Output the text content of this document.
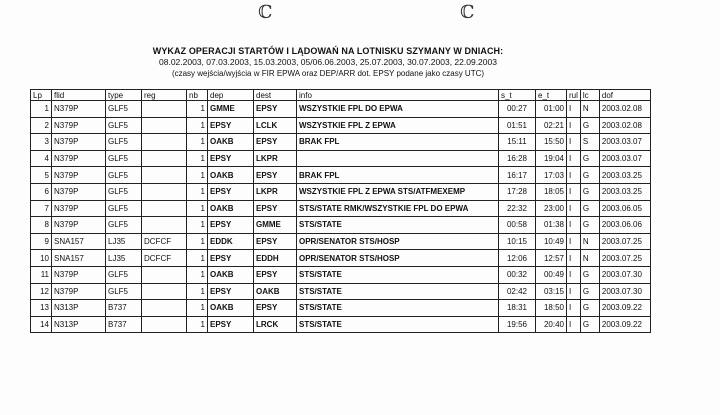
ℂ	ℂ
WYKAZ OPERACJI STARTÓW I LĄDOWAŃ NA LOTNISKU SZYMANY W DNIACH:
08.02.2003, 07.03.2003, 15.03.2003, 05/06.06.2003, 25.07.2003, 30.07.2003, 22.09.2003
(czasy wejścia/wyjścia w FIR EPWA oraz DEP/ARR dot. EPSY podane jako czasy UTC)
Lp	flid	type	reg	nb	dep	dest	info	s_t	e_t	rul	lc	dof
1	N379P	GLF5		1	GMME	EPSY	WSZYSTKIE FPL DO EPWA	00:27	01:00	I	N	2003.02.08
2	N379P	GLF5		1	EPSY	LCLK	WSZYSTKIE FPL Z EPWA	01:51	02:21	I	G	2003.02.08
3	N379P	GLF5		1	OAKB	EPSY	BRAK FPL	15:11	15:50	I	S	2003.03.07
4	N379P	GLF5		1	EPSY	LKPR		16:28	19:04	I	G	2003.03.07
5	N379P	GLF5		1	OAKB	EPSY	BRAK FPL	16:17	17:03	I	G	2003.03.25
6	N379P	GLF5		1	EPSY	LKPR	WSZYSTKIE FPL Z EPWA STS/ATFMEXEMP	17:28	18:05	I	G	2003.03.25
7	N379P	GLF5		1	OAKB	EPSY	STS/STATE RMK/WSZYSTKIE FPL DO EPWA	22:32	23:00	I	G	2003.06.05
8	N379P	GLF5		1	EPSY	GMME	STS/STATE	00:58	01:38	I	G	2003.06.06
9	SNA157	LJ35	DCFCF	1	EDDK	EPSY	OPR/SENATOR STS/HOSP	10:15	10:49	I	N	2003.07.25
10	SNA157	LJ35	DCFCF	1	EPSY	EDDH	OPR/SENATOR STS/HOSP	12:06	12:57	I	N	2003.07.25
11	N379P	GLF5		1	OAKB	EPSY	STS/STATE	00:32	00:49	I	G	2003.07.30
12	N379P	GLF5		1	EPSY	OAKB	STS/STATE	02:42	03:15	I	G	2003.07.30
13	N313P	B737		1	OAKB	EPSY	STS/STATE	18:31	18:50	I	G	2003.09.22
14	N313P	B737		1	EPSY	LRCK	STS/STATE	19:56	20:40	I	G	2003.09.22
